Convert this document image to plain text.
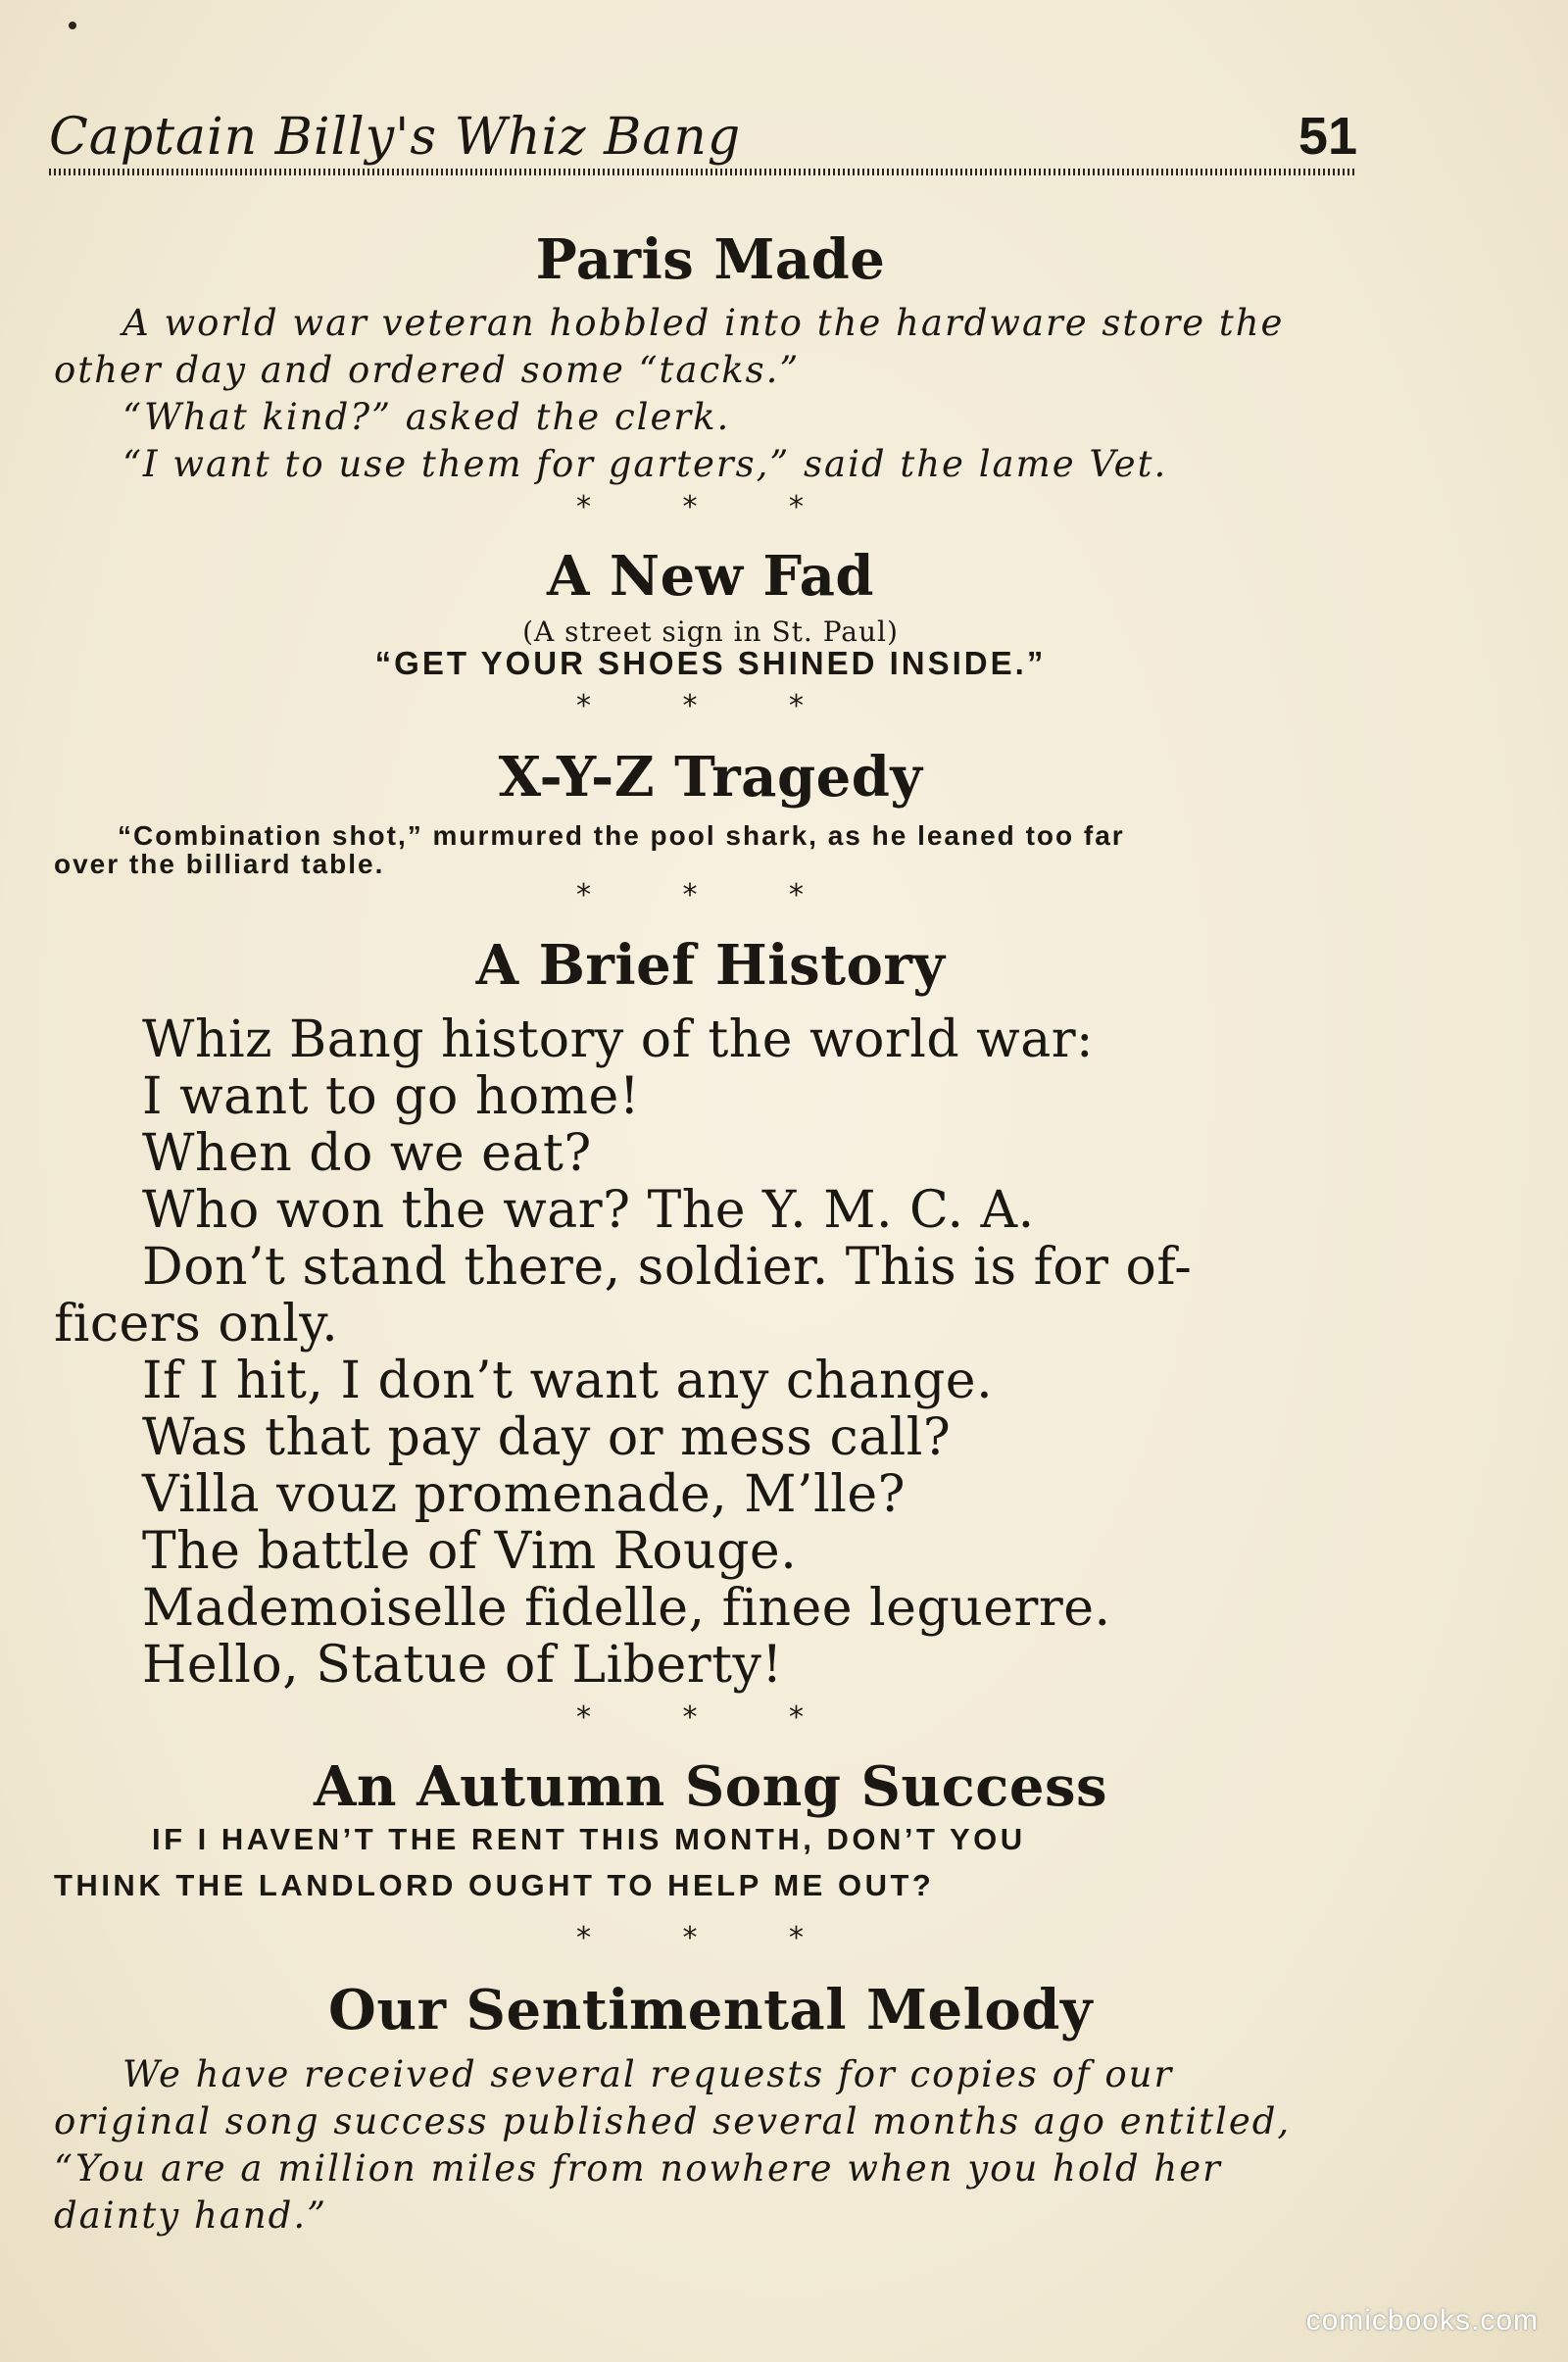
Captain Billy's Whiz Bang	51
Paris Made

A world war veteran hobbled into the hardware store the

other day and ordered some “tacks.”

“What kind?” asked the clerk.

“I want to use them for garters,” said the lame Vet.

* * *
A New Fad
(A street sign in St. Paul)
“GET YOUR SHOES SHINED INSIDE.”
* * *
X-Y-Z Tragedy
“Combination shot,” murmured the pool shark, as he leaned too far
over the billiard table.
* * *
A Brief History
Whiz Bang history of the world war:
I want to go home!
When do we eat?
Who won the war? The Y. M. C. A.
Don’t stand there, soldier. This is for of-
ficers only.
If I hit, I don’t want any change.
Was that pay day or mess call?
Villa vouz promenade, M’lle?
The battle of Vim Rouge.
Mademoiselle fidelle, finee leguerre.
Hello, Statue of Liberty!
* * *
An Autumn Song Success
IF I HAVEN’T THE RENT THIS MONTH, DON’T YOU
THINK THE LANDLORD OUGHT TO HELP ME OUT?
* * *
Our Sentimental Melody

We have received several requests for copies of our

original song success published several months ago entitled,

“You are a million miles from nowhere when you hold her

dainty hand.”

comicbooks.com
